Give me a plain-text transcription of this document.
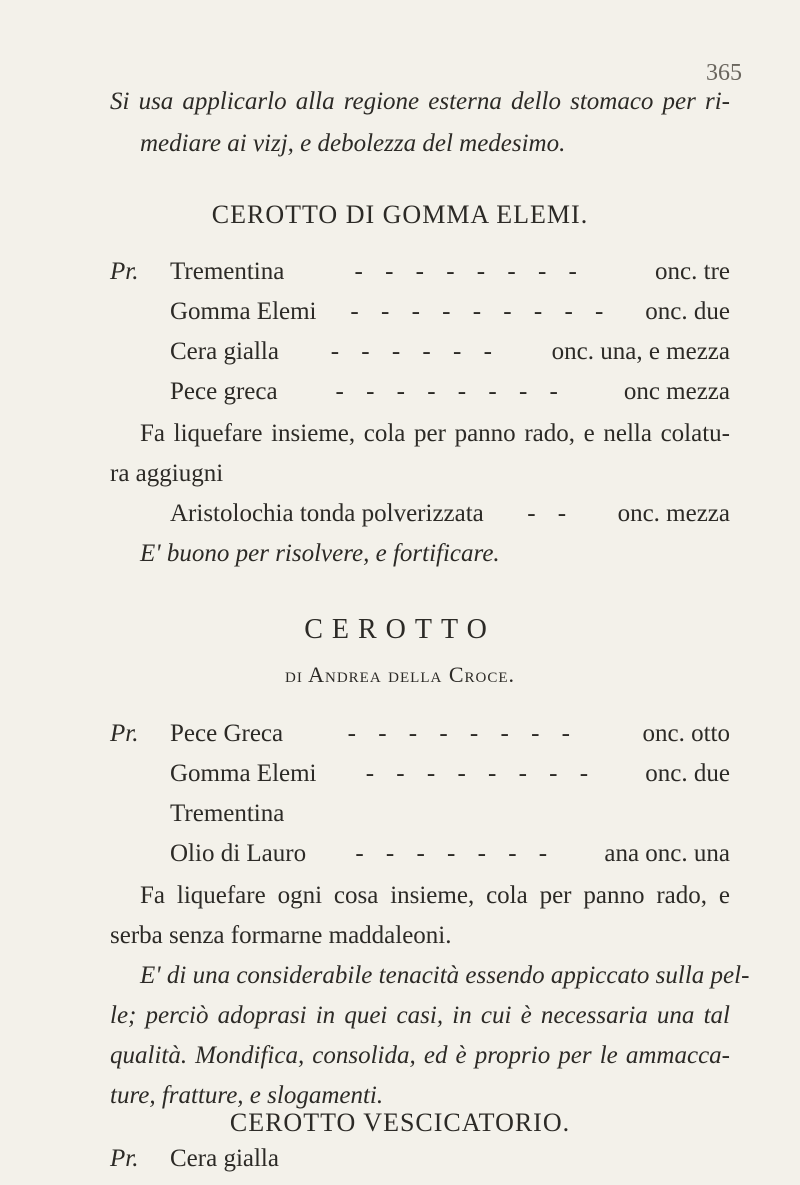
365
Si usa applicarlo alla regione esterna dello stomaco per ri-
mediare ai vizj, e debolezza del medesimo.
CEROTTO DI GOMMA ELEMI.
Pr.	Trementina	- - - - - - - -	onc. tre
Gomma Elemi	- - - - - - - - -	onc. due
Cera gialla	- - - - - -	onc. una, e mezza
Pece greca	- - - - - - - -	onc mezza
Fa liquefare insieme, cola per panno rado, e nella colatu-
ra aggiugni
Aristolochia tonda polverizzata	- -	onc. mezza
E' buono per risolvere, e fortificare.
CEROTTO
di Andrea della Croce.
Pr.	Pece Greca	- - - - - - - -	onc. otto
Gomma Elemi	- - - - - - - -	onc. due
Trementina
Olio di Lauro	- - - - - - -	ana onc. una
Fa liquefare ogni cosa insieme, cola per panno rado, e
serba senza formarne maddaleoni.
E' di una considerabile tenacità essendo appiccato sulla pel-
le; perciò adoprasi in quei casi, in cui è necessaria una tal
qualità. Mondifica, consolida, ed è proprio per le ammacca-
ture, fratture, e slogamenti.
CEROTTO VESCICATORIO.
Pr.	Cera gialla
